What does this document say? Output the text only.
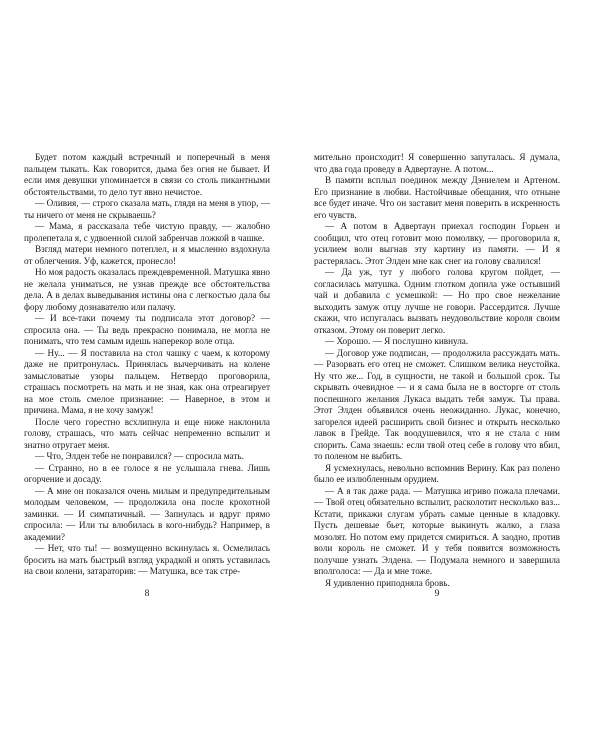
Будет потом каждый встречный и поперечный в меня пальцем тыкать. Как говорится, дыма без огня не бывает. И если имя девушки упоминается в связи со столь пикантными обстоятельствами, то дело тут явно нечистое.

— Оливия, — строго сказала мать, глядя на меня в упор, — ты ничего от меня не скрываешь?

— Мама, я рассказала тебе чистую правду, — жалобно пролепетала я, с удвоенной силой забренчав ложкой в чашке.

Взгляд матери немного потеплел, и я мысленно вздохнула от облегчения. Уф, кажется, пронесло!

Но моя радость оказалась преждевременной. Матушка явно не желала униматься, не узнав прежде все обстоятельства дела. А в делах выведывания истины она с легкостью дала бы фору любому дознавателю или палачу.

— И все-таки почему ты подписала этот договор? — спросила она. — Ты ведь прекрасно понимала, не могла не понимать, что тем самым идешь наперекор воле отца.

— Ну... — Я поставила на стол чашку с чаем, к которому даже не притронулась. Принялась вычерчивать на колене замысловатые узоры пальцем. Нетвердо проговорила, страшась посмотреть на мать и не зная, как она отреагирует на мое столь смелое признание: — Наверное, в этом и причина. Мама, я не хочу замуж!

После чего горестно всхлипнула и еще ниже наклонила голову, страшась, что мать сейчас непременно вспылит и знатно отругает меня.

— Что, Элден тебе не понравился? — спросила мать.

— Странно, но в ее голосе я не услышала гнева. Лишь огорчение и досаду.

— А мне он показался очень милым и предупредительным молодым человеком, — продолжила она после крохотной заминки. — И симпатичный. — Запнулась и вдруг прямо спросила: — Или ты влюбилась в кого-нибудь? Например, в академии?

— Нет, что ты! — возмущенно вскинулась я. Осмелилась бросить на мать быстрый взгляд украдкой и опять уставилась на свои колени, затараторив: — Матушка, все так стре-

8

мительно происходит! Я совершенно запуталась. Я думала, что два года проведу в Адвертауне. А потом...

В памяти всплыл поединок между Дэниелем и Артеном. Его признание в любви. Настойчивые обещания, что отныне все будет иначе. Что он заставит меня поверить в искренность его чувств.

— А потом в Адвертаун приехал господин Горьен и сообщил, что отец готовит мою помолвку, — проговорила я, усилием воли выгнав эту картину из памяти. — И я растерялась. Этот Элден мне как снег на голову свалился!

— Да уж, тут у любого голова кругом пойдет, — согласилась матушка. Одним глотком допила уже остывший чай и добавила с усмешкой: — Но про свое нежелание выходить замуж отцу лучше не говори. Рассердится. Лучше скажи, что испугалась вызвать неудовольствие короля своим отказом. Этому он поверит легко.

— Хорошо. — Я послушно кивнула.

— Договор уже подписан, — продолжила рассуждать мать. — Разорвать его отец не сможет. Слишком велика неустойка. Ну что же... Год, в сущности, не такой и большой срок. Ты скрывать очевидное — и я сама была не в восторге от столь поспешного желания Лукаса выдать тебя замуж. Ты права. Этот Элден объявился очень неожиданно. Лукас, конечно, загорелся идеей расширить свой бизнес и открыть несколько лавок в Грейде. Так воодушевился, что я не стала с ним спорить. Сама знаешь: если твой отец себе в голову что вбил, то поленом не выбить.

Я усмехнулась, невольно вспомнив Верину. Как раз полено было ее излюбленным орудием.

— А я так даже рада. — Матушка игриво пожала плечами. — Твой отец обязательно вспылит, расколотит несколько ваз... Кстати, прикажи слугам убрать самые ценные в кладовку. Пусть дешевые бьет, которые выкинуть жалко, а глаза мозолят. Но потом ему придется смириться. А заодно, против воли король не сможет. И у тебя появится возможность получше узнать Элдена. — Подумала немного и завершила вполголоса: — Да и мне тоже.

Я удивленно приподняла бровь.

9
